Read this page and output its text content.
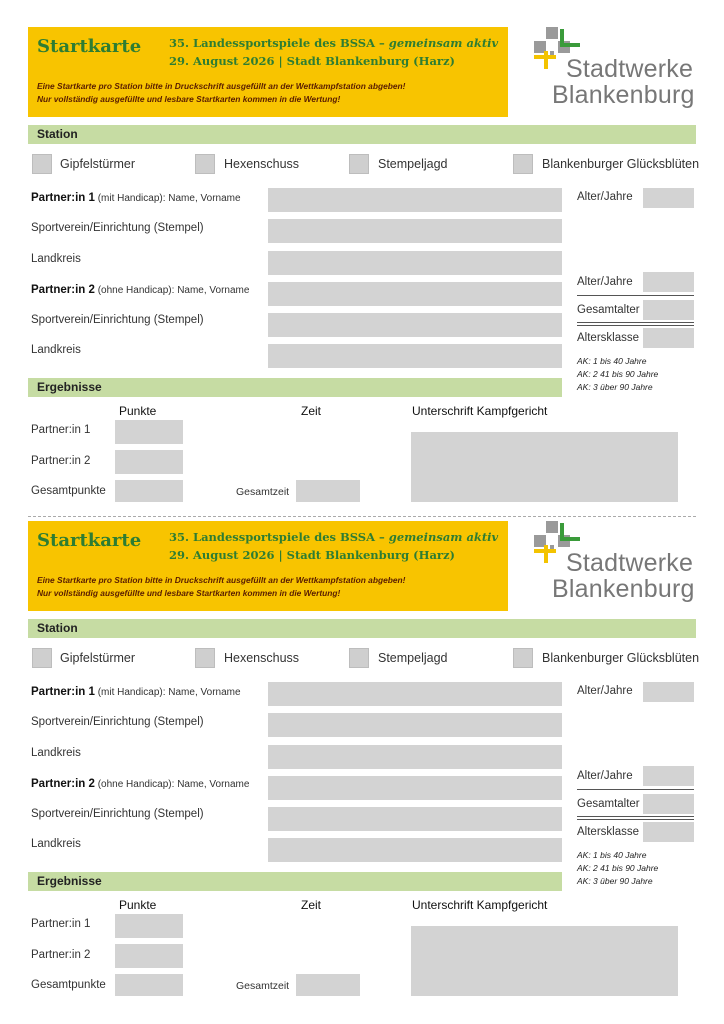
Startkarte 35. Landessportspiele des BSSA – gemeinsam aktiv
29. August 2026 | Stadt Blankenburg (Harz)
Eine Startkarte pro Station bitte in Druckschrift ausgefüllt an der Wettkampfstation abgeben!
Nur vollständig ausgefüllte und lesbare Startkarten kommen in die Wertung!
Stadtwerke
Blankenburg
Station
Gipfelstürmer	Hexenschuss	Stempeljagd	Blankenburger Glücksblüten
Partner:in 1 (mit Handicap): Name, Vorname
Sportverein/Einrichtung (Stempel)
Landkreis
Partner:in 2 (ohne Handicap): Name, Vorname
Sportverein/Einrichtung (Stempel)
Landkreis
Alter/Jahre
Alter/Jahre
Gesamtalter
Altersklasse
AK: 1 bis 40 Jahre
AK: 2 41 bis 90 Jahre
AK: 3 über 90 Jahre
Ergebnisse
Punkte	Zeit	Unterschrift Kampfgericht
Partner:in 1
Partner:in 2
Gesamtpunkte	Gesamtzeit
Startkarte 35. Landessportspiele des BSSA – gemeinsam aktiv
29. August 2026 | Stadt Blankenburg (Harz)
Eine Startkarte pro Station bitte in Druckschrift ausgefüllt an der Wettkampfstation abgeben!
Nur vollständig ausgefüllte und lesbare Startkarten kommen in die Wertung!
Stadtwerke
Blankenburg
Station
Gipfelstürmer	Hexenschuss	Stempeljagd	Blankenburger Glücksblüten
Partner:in 1 (mit Handicap): Name, Vorname
Sportverein/Einrichtung (Stempel)
Landkreis
Partner:in 2 (ohne Handicap): Name, Vorname
Sportverein/Einrichtung (Stempel)
Landkreis
Alter/Jahre
Alter/Jahre
Gesamtalter
Altersklasse
AK: 1 bis 40 Jahre
AK: 2 41 bis 90 Jahre
AK: 3 über 90 Jahre
Ergebnisse
Punkte	Zeit	Unterschrift Kampfgericht
Partner:in 1
Partner:in 2
Gesamtpunkte	Gesamtzeit
